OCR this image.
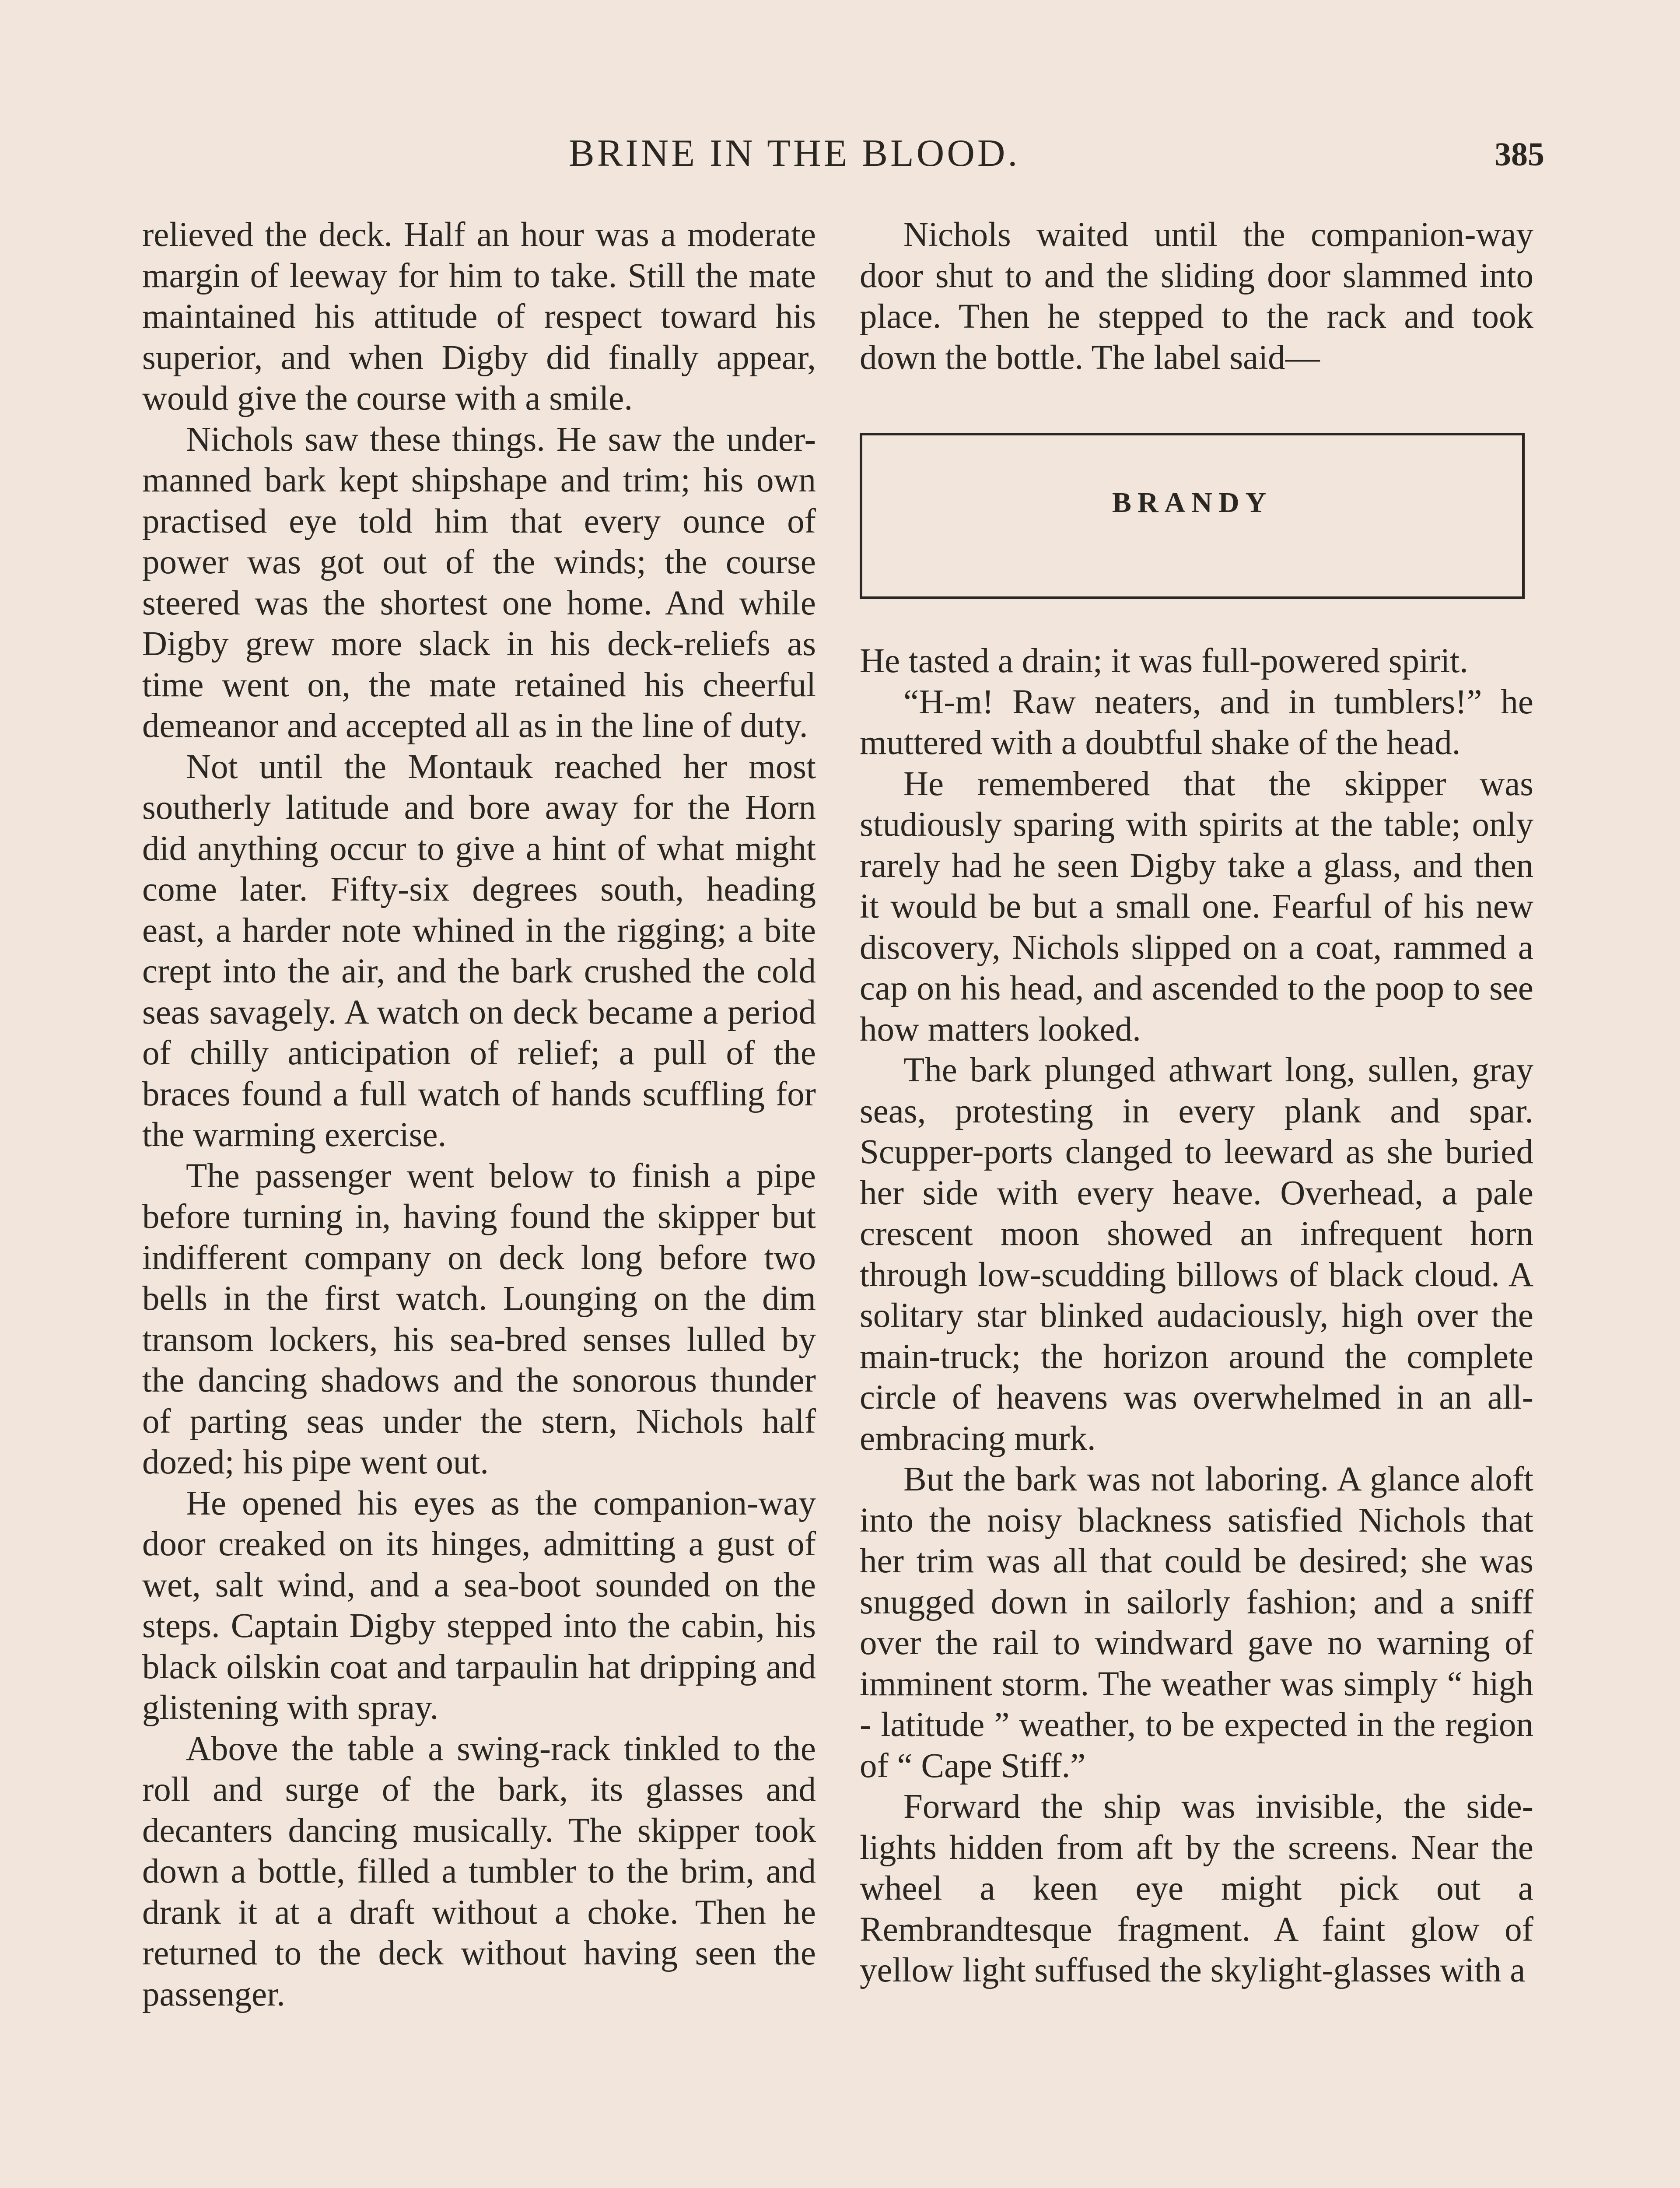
BRINE IN THE BLOOD.	385

relieved the deck. Half an hour was a moderate margin of leeway for him to take. Still the mate maintained his attitude of respect toward his superior, and when Digby did finally appear, would give the course with a smile.

Nichols saw these things. He saw the under-manned bark kept shipshape and trim; his own practised eye told him that every ounce of power was got out of the winds; the course steered was the shortest one home. And while Digby grew more slack in his deck-reliefs as time went on, the mate retained his cheerful demeanor and accepted all as in the line of duty.

Not until the Montauk reached her most southerly latitude and bore away for the Horn did anything occur to give a hint of what might come later. Fifty-six degrees south, heading east, a harder note whined in the rigging; a bite crept into the air, and the bark crushed the cold seas savagely. A watch on deck became a period of chilly anticipation of relief; a pull of the braces found a full watch of hands scuffling for the warming exercise.

The passenger went below to finish a pipe before turning in, having found the skipper but indifferent company on deck long before two bells in the first watch. Lounging on the dim transom lockers, his sea-bred senses lulled by the dancing shadows and the sonorous thunder of parting seas under the stern, Nichols half dozed; his pipe went out.

He opened his eyes as the companion-way door creaked on its hinges, admitting a gust of wet, salt wind, and a sea-boot sounded on the steps. Captain Digby stepped into the cabin, his black oilskin coat and tarpaulin hat dripping and glistening with spray.

Above the table a swing-rack tinkled to the roll and surge of the bark, its glasses and decanters dancing musically. The skipper took down a bottle, filled a tumbler to the brim, and drank it at a draft without a choke. Then he returned to the deck without having seen the passenger.

Nichols waited until the companion-way door shut to and the sliding door slammed into place. Then he stepped to the rack and took down the bottle. The label said—

BRANDY

He tasted a drain; it was full-powered spirit.

“H-m! Raw neaters, and in tumblers!” he muttered with a doubtful shake of the head.

He remembered that the skipper was studiously sparing with spirits at the table; only rarely had he seen Digby take a glass, and then it would be but a small one. Fearful of his new discovery, Nichols slipped on a coat, rammed a cap on his head, and ascended to the poop to see how matters looked.

The bark plunged athwart long, sullen, gray seas, protesting in every plank and spar. Scupper-ports clanged to leeward as she buried her side with every heave. Overhead, a pale crescent moon showed an infrequent horn through low-scudding billows of black cloud. A solitary star blinked audaciously, high over the main-truck; the horizon around the complete circle of heavens was overwhelmed in an all-embracing murk.

But the bark was not laboring. A glance aloft into the noisy blackness satisfied Nichols that her trim was all that could be desired; she was snugged down in sailorly fashion; and a sniff over the rail to windward gave no warning of imminent storm. The weather was simply “ high - latitude ” weather, to be expected in the region of “ Cape Stiff.”

Forward the ship was invisible, the side-lights hidden from aft by the screens. Near the wheel a keen eye might pick out a Rembrandtesque fragment. A faint glow of yellow light suffused the skylight-glasses with a
